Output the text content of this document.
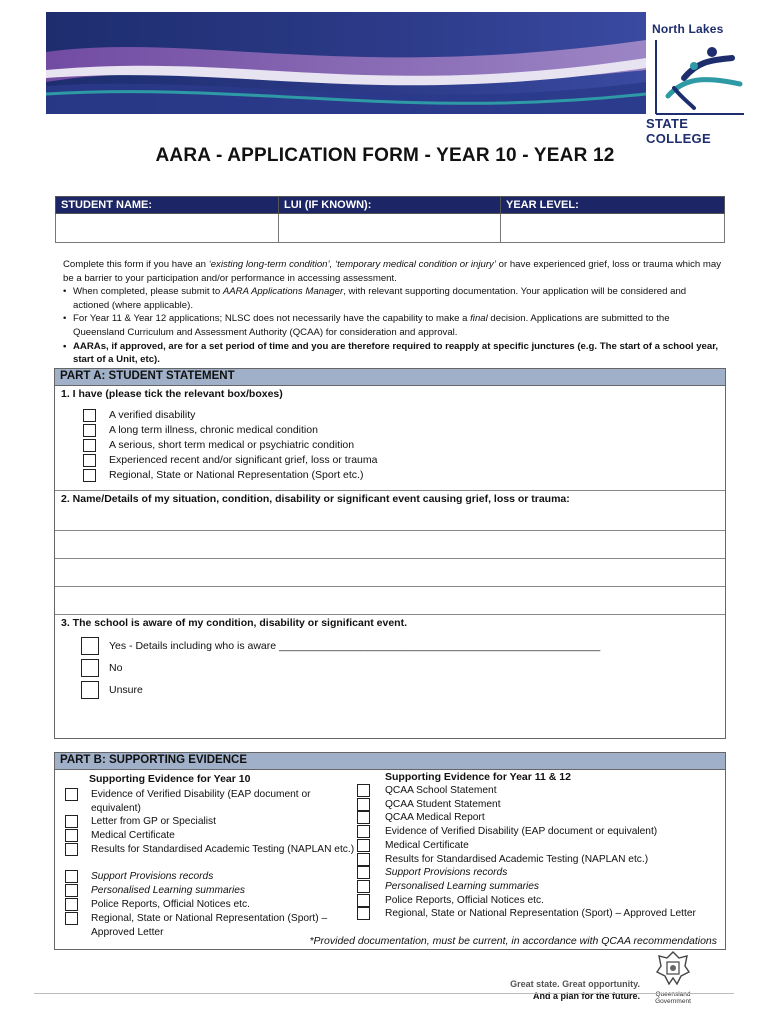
North Lakes
STATE COLLEGE
AARA - APPLICATION FORM - YEAR 10 - YEAR 12
STUDENT NAME:	LUI (IF KNOWN):	YEAR LEVEL:

Complete this form if you have an ‘existing long-term condition’, ‘temporary medical condition or injury’ or have experienced grief, loss or trauma which may be a barrier to your participation and/or performance in accessing assessment.

• When completed, please submit to AARA Applications Manager, with relevant supporting documentation. Your application will be considered and actioned (where applicable).
• For Year 11 & Year 12 applications; NLSC does not necessarily have the capability to make a final decision. Applications are submitted to the Queensland Curriculum and Assessment Authority (QCAA) for consideration and approval.
• AARAs, if approved, are for a set period of time and you are therefore required to reapply at specific junctures (e.g. The start of a school year, start of a Unit, etc).
PART A: STUDENT STATEMENT
1. I have (please tick the relevant box/boxes)
A verified disability
A long term illness, chronic medical condition
A serious, short term medical or psychiatric condition
Experienced recent and/or significant grief, loss or trauma
Regional, State or National Representation (Sport etc.)
2. Name/Details of my situation, condition, disability or significant event causing grief, loss or trauma:
3. The school is aware of my condition, disability or significant event.
Yes - Details including who is aware _______________________________________________________
No
Unsure
PART B: SUPPORTING EVIDENCE
Supporting Evidence for Year 10
Evidence of Verified Disability (EAP document or equivalent)
Letter from GP or Specialist
Medical Certificate
Results for Standardised Academic Testing (NAPLAN etc.)
Support Provisions records
Personalised Learning summaries
Police Reports, Official Notices etc.
Regional, State or National Representation (Sport) – Approved Letter
Supporting Evidence for Year 11 & 12
QCAA School Statement
QCAA Student Statement
QCAA Medical Report
Evidence of Verified Disability (EAP document or equivalent)
Medical Certificate
Results for Standardised Academic Testing (NAPLAN etc.)
Support Provisions records
Personalised Learning summaries
Police Reports, Official Notices etc.
Regional, State or National Representation (Sport) – Approved Letter
*Provided documentation, must be current, in accordance with QCAA recommendations
Great state. Great opportunity.
And a plan for the future.	Queensland
Government
